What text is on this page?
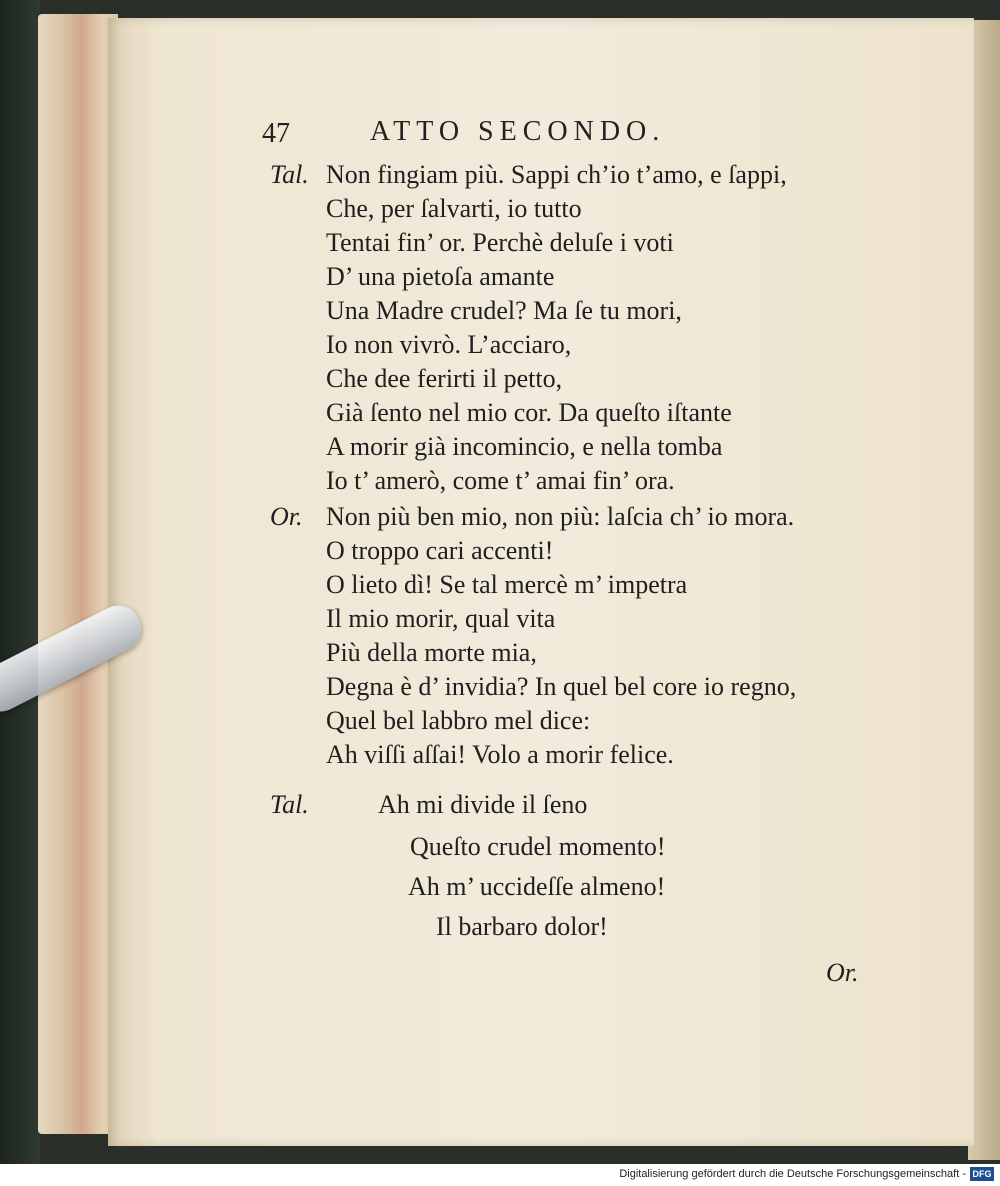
47	ATTO SECONDO.
Tal. Non fingiam più. Sappi ch’io t’amo, e ſappi,
Che, per ſalvarti, io tutto
Tentai fin’ or. Perchè deluſe i voti
D’ una pietoſa amante
Una Madre crudel? Ma ſe tu mori,
Io non vivrò. L’acciaro,
Che dee ferirti il petto,
Già ſento nel mio cor. Da queſto iſtante
A morir già incomincio, e nella tomba
Io t’ amerò, come t’ amai fin’ ora.
Or. Non più ben mio, non più: laſcia ch’ io mora.
O troppo cari accenti!
O lieto dì! Se tal mercè m’ impetra
Il mio morir, qual vita
Più della morte mia,
Degna è d’ invidia? In quel bel core io regno,
Quel bel labbro mel dice:
Ah viſſi aſſai! Volo a morir felice.
Tal.	Ah mi divide il ſeno
Queſto crudel momento!
Ah m’ uccideſſe almeno!
Il barbaro dolor!
Or.
Digitalisierung gefördert durch die Deutsche Forschungsgemeinschaft - DFG
